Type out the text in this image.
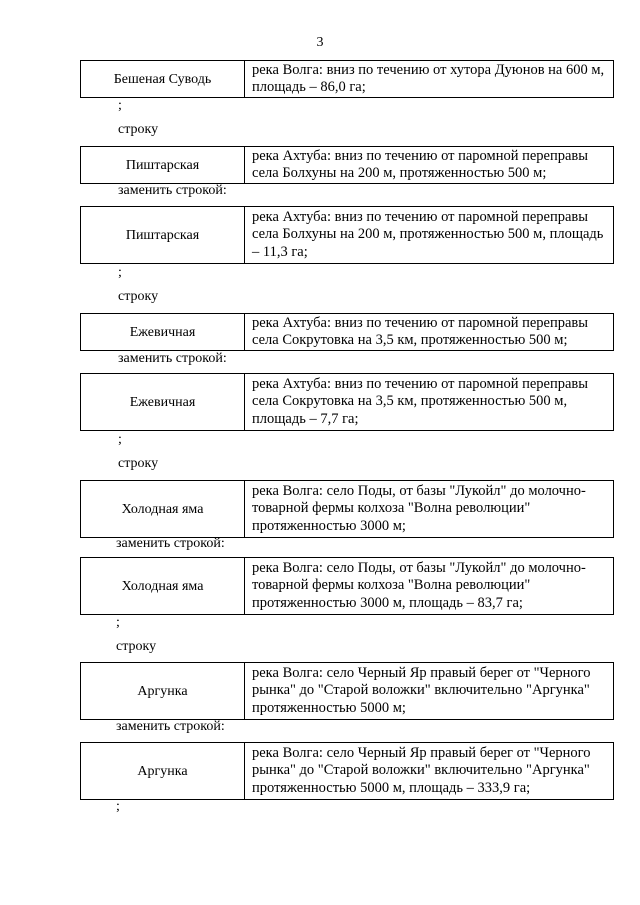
3
Бешеная Суводь
река Волга: вниз по течению от хутора Дуюнов на 600 м, площадь – 86,0 га;
;
строку
Пиштарская
река Ахтуба: вниз по течению от паромной переправы села Болхуны на 200 м, протяженностью 500 м;
заменить строкой:
Пиштарская
река Ахтуба: вниз по течению от паромной переправы села Болхуны на 200 м, протяженностью 500 м, площадь – 11,3 га;
;
строку
Ежевичная
река Ахтуба: вниз по течению от паромной переправы села Сокрутовка на 3,5 км, протяженностью 500 м;
заменить строкой:
Ежевичная
река Ахтуба: вниз по течению от паромной переправы села Сокрутовка на 3,5 км, протяженностью 500 м, площадь – 7,7 га;
;
строку
Холодная яма
река Волга: село Поды, от базы "Лукойл" до молочно-товарной фермы колхоза "Волна революции" протяженностью 3000 м;
заменить строкой:
Холодная яма
река Волга: село Поды, от базы "Лукойл" до молочно-товарной фермы колхоза "Волна революции" протяженностью 3000 м, площадь – 83,7 га;
;
строку
Аргунка
река Волга: село Черный Яр правый берег от "Черного рынка" до "Старой воложки" включительно "Аргунка" протяженностью 5000 м;
заменить строкой:
Аргунка
река Волга: село Черный Яр правый берег от "Черного рынка" до "Старой воложки" включительно "Аргунка" протяженностью 5000 м, площадь – 333,9 га;
;
